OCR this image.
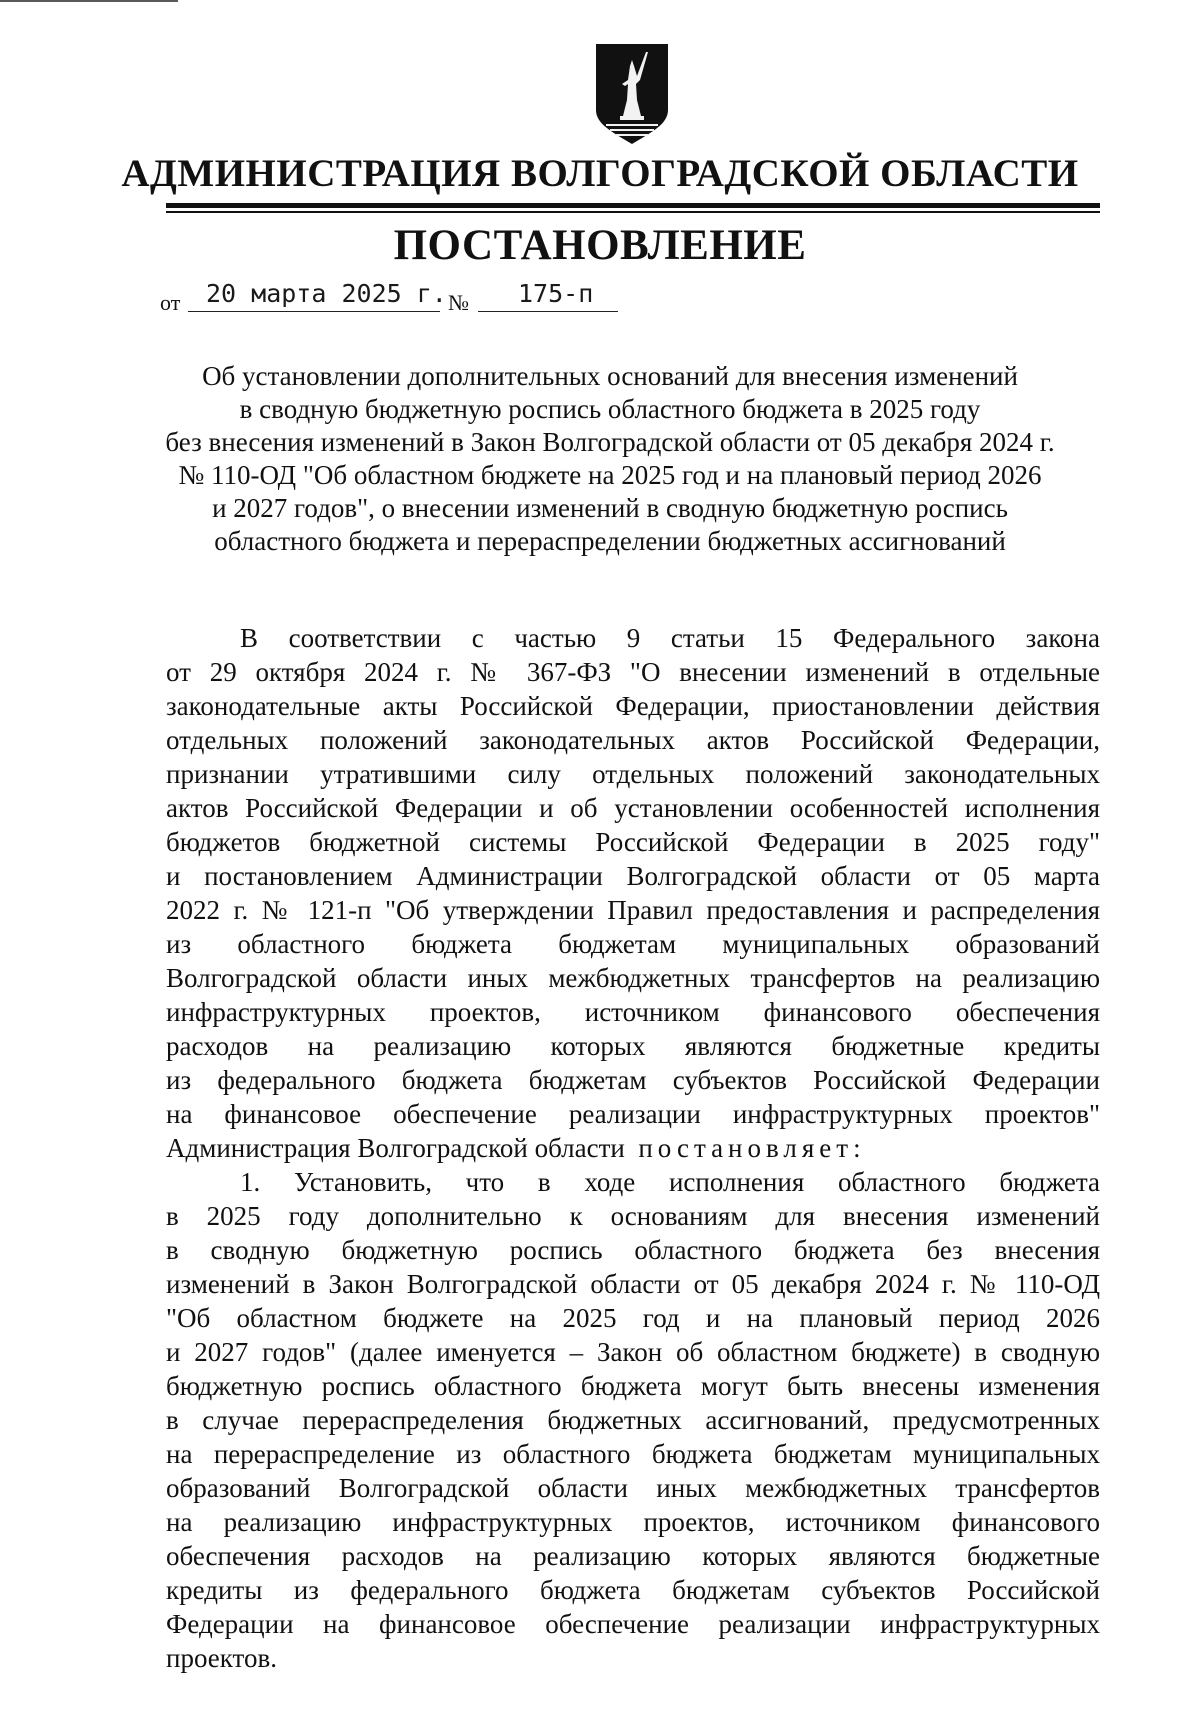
АДМИНИСТРАЦИЯ ВОЛГОГРАДСКОЙ ОБЛАСТИ
ПОСТАНОВЛЕНИЕ
от 20 марта 2025 г. № 175-п
Об установлении дополнительных оснований для внесения изменений
в сводную бюджетную роспись областного бюджета в 2025 году
без внесения изменений в Закон Волгоградской области от 05 декабря 2024 г.
№ 110-ОД "Об областном бюджете на 2025 год и на плановый период 2026
и 2027 годов", о внесении изменений в сводную бюджетную роспись
областного бюджета и перераспределении бюджетных ассигнований
В соответствии с частью 9 статьи 15 Федерального закона
от 29 октября 2024 г. № 367-ФЗ "О внесении изменений в отдельные
законодательные акты Российской Федерации, приостановлении действия
отдельных положений законодательных актов Российской Федерации,
признании утратившими силу отдельных положений законодательных
актов Российской Федерации и об установлении особенностей исполнения
бюджетов бюджетной системы Российской Федерации в 2025 году"
и постановлением Администрации Волгоградской области от 05 марта
2022 г. № 121-п "Об утверждении Правил предоставления и распределения
из областного бюджета бюджетам муниципальных образований
Волгоградской области иных межбюджетных трансфертов на реализацию
инфраструктурных проектов, источником финансового обеспечения
расходов на реализацию которых являются бюджетные кредиты
из федерального бюджета бюджетам субъектов Российской Федерации
на финансовое обеспечение реализации инфраструктурных проектов"
Администрация Волгоградской области постановляет:
1. Установить, что в ходе исполнения областного бюджета
в 2025 году дополнительно к основаниям для внесения изменений
в сводную бюджетную роспись областного бюджета без внесения
изменений в Закон Волгоградской области от 05 декабря 2024 г. № 110-ОД
"Об областном бюджете на 2025 год и на плановый период 2026
и 2027 годов" (далее именуется – Закон об областном бюджете) в сводную
бюджетную роспись областного бюджета могут быть внесены изменения
в случае перераспределения бюджетных ассигнований, предусмотренных
на перераспределение из областного бюджета бюджетам муниципальных
образований Волгоградской области иных межбюджетных трансфертов
на реализацию инфраструктурных проектов, источником финансового
обеспечения расходов на реализацию которых являются бюджетные
кредиты из федерального бюджета бюджетам субъектов Российской
Федерации на финансовое обеспечение реализации инфраструктурных
проектов.
